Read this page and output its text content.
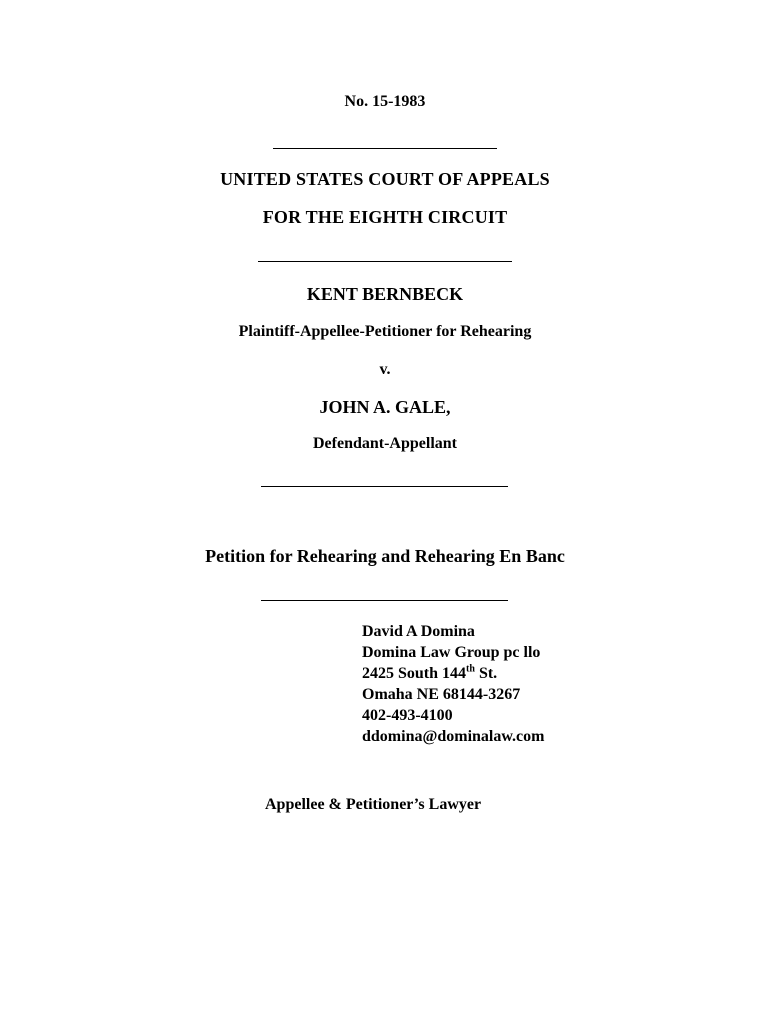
No. 15-1983
UNITED STATES COURT OF APPEALS
FOR THE EIGHTH CIRCUIT
KENT BERNBECK
Plaintiff-Appellee-Petitioner for Rehearing
v.
JOHN A. GALE,
Defendant-Appellant
Petition for Rehearing and Rehearing En Banc
David A Domina
Domina Law Group pc llo
2425 South 144th St.
Omaha NE 68144-3267
402-493-4100
ddomina@dominalaw.com
Appellee & Petitioner’s Lawyer
